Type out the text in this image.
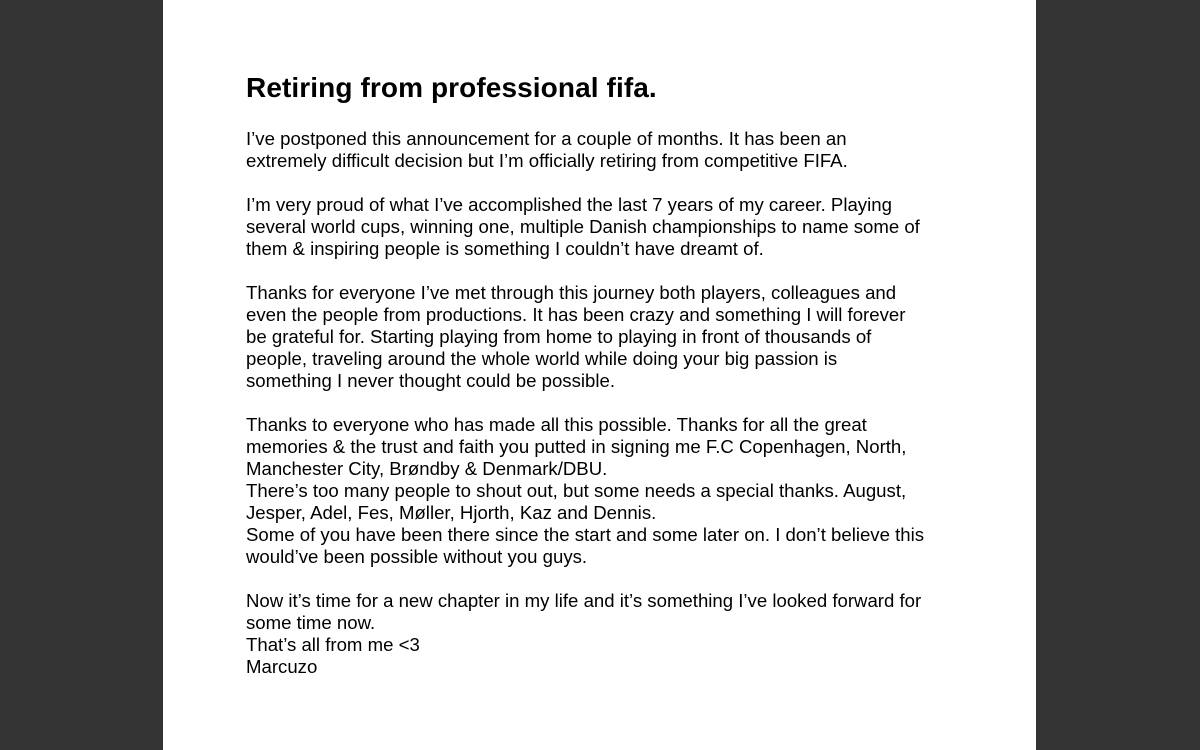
Retiring from professional fifa.
I’ve postponed this announcement for a couple of months. It has been an
extremely difficult decision but I’m officially retiring from competitive FIFA.
I’m very proud of what I’ve accomplished the last 7 years of my career. Playing
several world cups, winning one, multiple Danish championships to name some of
them & inspiring people is something I couldn’t have dreamt of.
Thanks for everyone I’ve met through this journey both players, colleagues and
even the people from productions. It has been crazy and something I will forever
be grateful for. Starting playing from home to playing in front of thousands of
people, traveling around the whole world while doing your big passion is
something I never thought could be possible.
Thanks to everyone who has made all this possible. Thanks for all the great
memories & the trust and faith you putted in signing me F.C Copenhagen, North,
Manchester City, Brøndby & Denmark/DBU.
There’s too many people to shout out, but some needs a special thanks. August,
Jesper, Adel, Fes, Møller, Hjorth, Kaz and Dennis.
Some of you have been there since the start and some later on. I don’t believe this
would’ve been possible without you guys.
Now it’s time for a new chapter in my life and it’s something I’ve looked forward for
some time now.
That’s all from me <3
Marcuzo
